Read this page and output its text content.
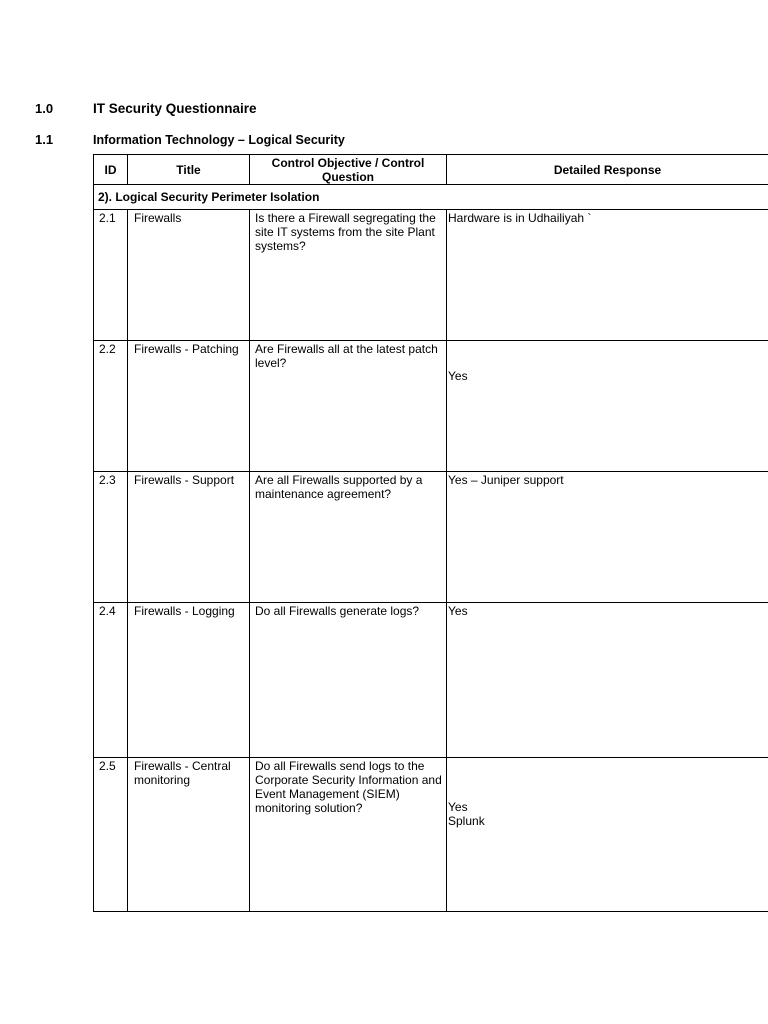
1.0	IT Security Questionnaire
1.1	Information Technology – Logical Security
ID	Title	Control Objective / Control Question	Detailed Response
2). Logical Security Perimeter Isolation			
2.1	Firewalls	Is there a Firewall segregating the site IT systems from the site Plant systems?	Hardware is in Udhailiyah `

2.2	Firewalls - Patching	Are Firewalls all at the latest patch level?	Yes

2.3	Firewalls - Support	Are all Firewalls supported by a maintenance agreement?	Yes – Juniper support

2.4	Firewalls - Logging	Do all Firewalls generate logs?	Yes

2.5	Firewalls - Central monitoring	Do all Firewalls send logs to the Corporate Security Information and Event Management (SIEM) monitoring solution?	Yes
Splunk
